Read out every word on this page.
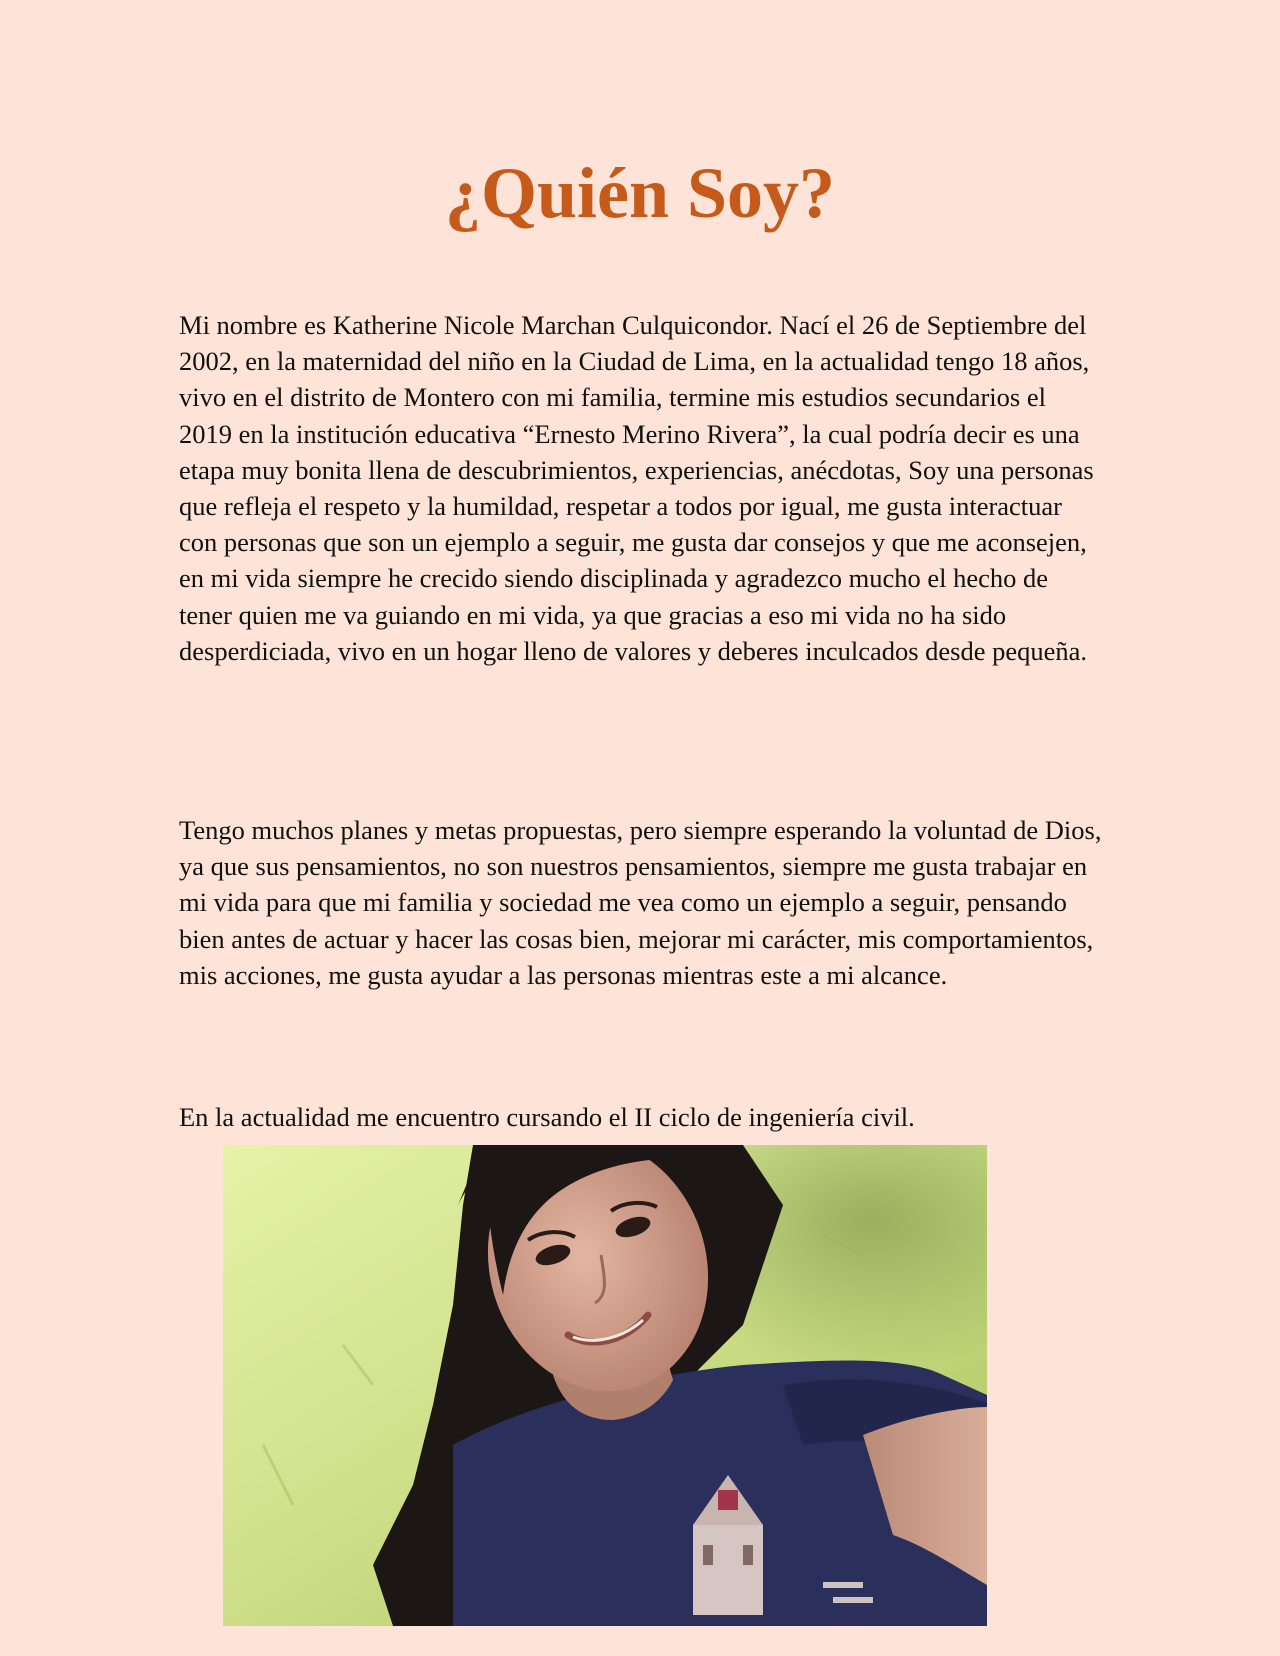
¿Quién Soy?

Mi nombre es Katherine Nicole Marchan Culquicondor. Nací el 26 de Septiembre del 2002, en la maternidad del niño en la Ciudad de Lima, en la actualidad tengo 18 años, vivo en el distrito de Montero con mi familia, termine mis estudios secundarios el 2019 en la institución educativa “Ernesto Merino Rivera”, la cual podría decir es una etapa muy bonita llena de descubrimientos, experiencias, anécdotas, Soy una personas que refleja el respeto y la humildad, respetar a todos por igual, me gusta interactuar con personas que son un ejemplo a seguir, me gusta dar consejos y que me aconsejen, en mi vida siempre he crecido siendo disciplinada y agradezco mucho el hecho de tener quien me va guiando en mi vida, ya que gracias a eso mi vida no ha sido desperdiciada, vivo en un hogar lleno de valores y deberes inculcados desde pequeña.

Tengo muchos planes y metas propuestas, pero siempre esperando la voluntad de Dios, ya que sus pensamientos, no son nuestros pensamientos, siempre me gusta trabajar en mi vida para que mi familia y sociedad me vea como un ejemplo a seguir, pensando bien antes de actuar y hacer las cosas bien, mejorar mi carácter, mis comportamientos, mis acciones, me gusta ayudar a las personas mientras este a mi alcance.

En la actualidad me encuentro cursando el II ciclo de ingeniería civil.
